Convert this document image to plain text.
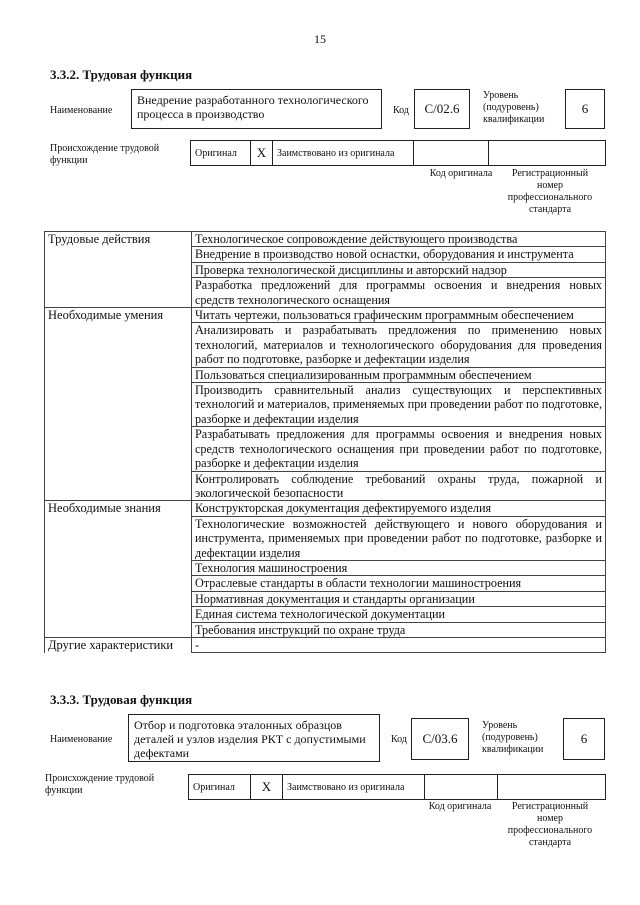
15
3.3.2. Трудовая функция
Наименование
Внедрение разработанного технологического процесса в производство	Код	С/02.6
Уровень (подуровень) квалификации
6
Происхождение трудовой функции
Оригинал	X	Заимствовано из оригинала
Код оригинала	Регистрационный номер профессионального стандарта
Трудовые действия	Технологическое сопровождение действующего производства
	Внедрение в производство новой оснастки, оборудования и инструмента
	Проверка технологической дисциплины и авторский надзор
	Разработка предложений для программы освоения и внедрения новых средств технологического оснащения
Необходимые умения	Читать чертежи, пользоваться графическим программным обеспечением
	Анализировать и разрабатывать предложения по применению новых технологий, материалов и технологического оборудования для проведения работ по подготовке, разборке и дефектации изделия
	Пользоваться специализированным программным обеспечением
	Производить сравнительный анализ существующих и перспективных технологий и материалов, применяемых при проведении работ по подготовке, разборке и дефектации изделия
	Разрабатывать предложения для программы освоения и внедрения новых средств технологического оснащения при проведении работ по подготовке, разборке и дефектации изделия
	Контролировать соблюдение требований охраны труда, пожарной и экологической безопасности
Необходимые знания	Конструкторская документация дефектируемого изделия
	Технологические возможностей действующего и нового оборудования и инструмента, применяемых при проведении работ по подготовке, разборке и дефектации изделия
	Технология машиностроения
	Отраслевые стандарты в области технологии машиностроения
	Нормативная документация и стандарты организации
	Единая система технологической документации
	Требования инструкций по охране труда
Другие характеристики	-
3.3.3. Трудовая функция
Наименование
Отбор и подготовка эталонных образцов деталей и узлов изделия РКТ с допустимыми дефектами
Код	С/03.6
Уровень (подуровень) квалификации
6
Происхождение трудовой функции	Оригинал	X	Заимствовано из оригинала
Код оригинала	Регистрационный номер профессионального стандарта
